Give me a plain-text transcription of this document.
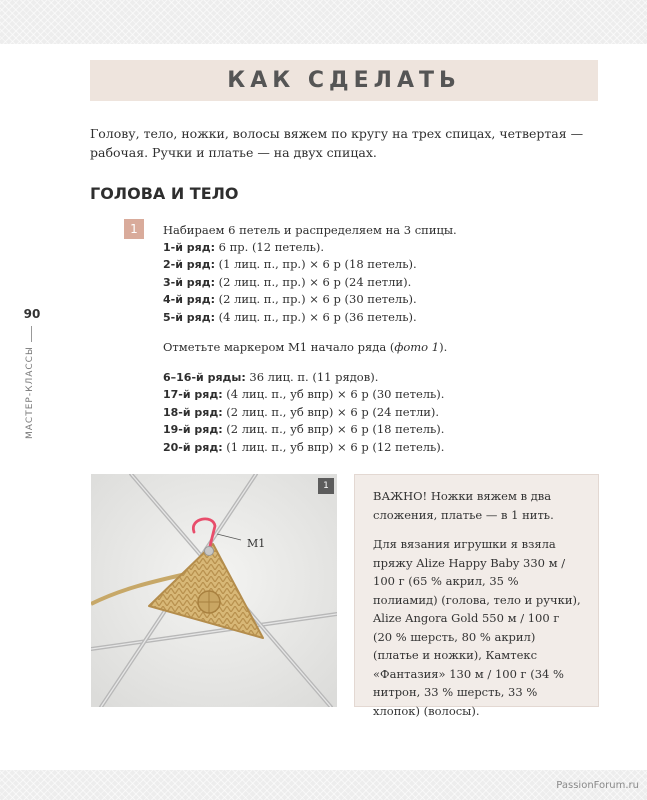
КАК СДЕЛАТЬ

Голову, тело, ножки, волосы вяжем по кругу на трех спицах, четвертая — рабочая. Ручки и платье — на двух спицах.

ГОЛОВА И ТЕЛО
90
МАСТЕР-КЛАССЫ
1	Набираем 6 петель и распределяем на 3 спицы.
1-й ряд: 6 пр. (12 петель).
2-й ряд: (1 лиц. п., пр.) × 6 р (18 петель).
3-й ряд: (2 лиц. п., пр.) × 6 р (24 петли).
4-й ряд: (2 лиц. п., пр.) × 6 р (30 петель).
5-й ряд: (4 лиц. п., пр.) × 6 р (36 петель).
Отметьте маркером М1 начало ряда (фото 1).
6–16-й ряды: 36 лиц. п. (11 рядов).
17-й ряд: (4 лиц. п., уб впр) × 6 р (30 петель).
18-й ряд: (2 лиц. п., уб впр) × 6 р (24 петли).
19-й ряд: (2 лиц. п., уб впр) × 6 р (18 петель).
20-й ряд: (1 лиц. п., уб впр) × 6 р (12 петель).
М1
1

ВАЖНО! Ножки вяжем в два сложения, платье — в 1 нить.

Для вязания игрушки я взяла пряжу Alize Happy Baby 330 м / 100 г (65 % акрил, 35 % полиамид) (голова, тело и ручки), Alize Angora Gold 550 м / 100 г (20 % шерсть, 80 % акрил) (платье и ножки), Камтекс «Фантазия» 130 м / 100 г (34 % нитрон, 33 % шерсть, 33 % хлопок) (волосы).

PassionForum.ru
